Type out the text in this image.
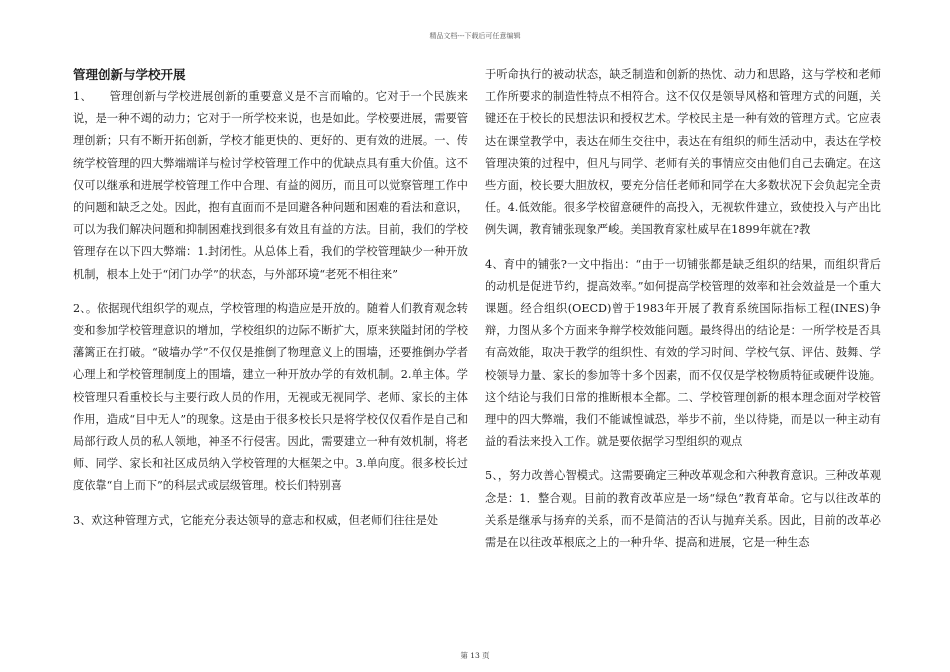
精品文档---下载后可任意编辑
管理创新与学校开展

1、　　管理创新与学校进展创新的重要意义是不言而喻的。它对于一个民族来说，是一种不竭的动力；它对于一所学校来说，也是如此。学校要进展，需要管理创新；只有不断开拓创新，学校才能更快的、更好的、更有效的进展。一、传统学校管理的四大弊端端详与检讨学校管理工作中的优缺点具有重大价值。这不仅可以继承和进展学校管理工作中合理、有益的阅历，而且可以觉察管理工作中的问题和缺乏之处。因此，抱有直面而不是回避各种问题和困难的看法和意识，可以为我们解决问题和抑制困难找到很多有效且有益的方法。目前，我们的学校管理存在以下四大弊端：1.封闭性。从总体上看，我们的学校管理缺少一种开放机制，根本上处于“闭门办学”的状态，与外部环境“老死不相往来”

2、。依据现代组织学的观点，学校管理的构造应是开放的。随着人们教育观念转变和参加学校管理意识的增加，学校组织的边际不断扩大，原来狭隘封闭的学校藩篱正在打破。“破墙办学”不仅仅是推倒了物理意义上的围墙，还要推倒办学者心理上和学校管理制度上的围墙，建立一种开放办学的有效机制。2.单主体。学校管理只看重校长与主要行政人员的作用，无视或无视同学、老师、家长的主体作用，造成“目中无人”的现象。这是由于很多校长只是将学校仅仅看作是自己和局部行政人员的私人领地，神圣不行侵害。因此，需要建立一种有效机制，将老师、同学、家长和社区成员纳入学校管理的大框架之中。3.单向度。很多校长过度依靠“自上而下”的科层式或层级管理。校长们特别喜

3、欢这种管理方式，它能充分表达领导的意志和权威，但老师们往往是处

于听命执行的被动状态，缺乏制造和创新的热忱、动力和思路，这与学校和老师工作所要求的制造性特点不相符合。这不仅仅是领导风格和管理方式的问题，关键还在于校长的民想法识和授权艺术。学校民主是一种有效的管理方式。它应表达在课堂教学中，表达在师生交往中，表达在有组织的师生活动中，表达在学校管理决策的过程中，但凡与同学、老师有关的事情应交由他们自己去确定。在这些方面，校长要大胆放权，要充分信任老师和同学在大多数状况下会负起完全责任。4.低效能。很多学校留意硬件的高投入，无视软件建立，致使投入与产出比例失调，教育铺张现象严峻。美国教育家杜威早在1899年就在?教

4、育中的铺张?一文中指出：“由于一切铺张都是缺乏组织的结果，而组织背后的动机是促进节约，提高效率。”如何提高学校管理的效率和社会效益是一个重大课题。经合组织(OECD)曾于1983年开展了教育系统国际指标工程(INES)争辩，力图从多个方面来争辩学校效能问题。最终得出的结论是：一所学校是否具有高效能，取决于教学的组织性、有效的学习时间、学校气氛、评估、鼓舞、学校领导力量、家长的参加等十多个因素，而不仅仅是学校物质特征或硬件设施。这个结论与我们日常的推断根本全都。二、学校管理创新的根本理念面对学校管理中的四大弊端，我们不能诚惶诚恐，举步不前，坐以待毙，而是以一种主动有益的看法来投入工作。就是要依据学习型组织的观点

5、，努力改善心智模式。这需要确定三种改革观念和六种教育意识。三种改革观念是：1．整合观。目前的教育改革应是一场“绿色”教育革命。它与以往改革的关系是继承与扬弃的关系，而不是简洁的否认与抛弃关系。因此，目前的改革必需是在以往改革根底之上的一种升华、提高和进展，它是一种生态

第 13 页
